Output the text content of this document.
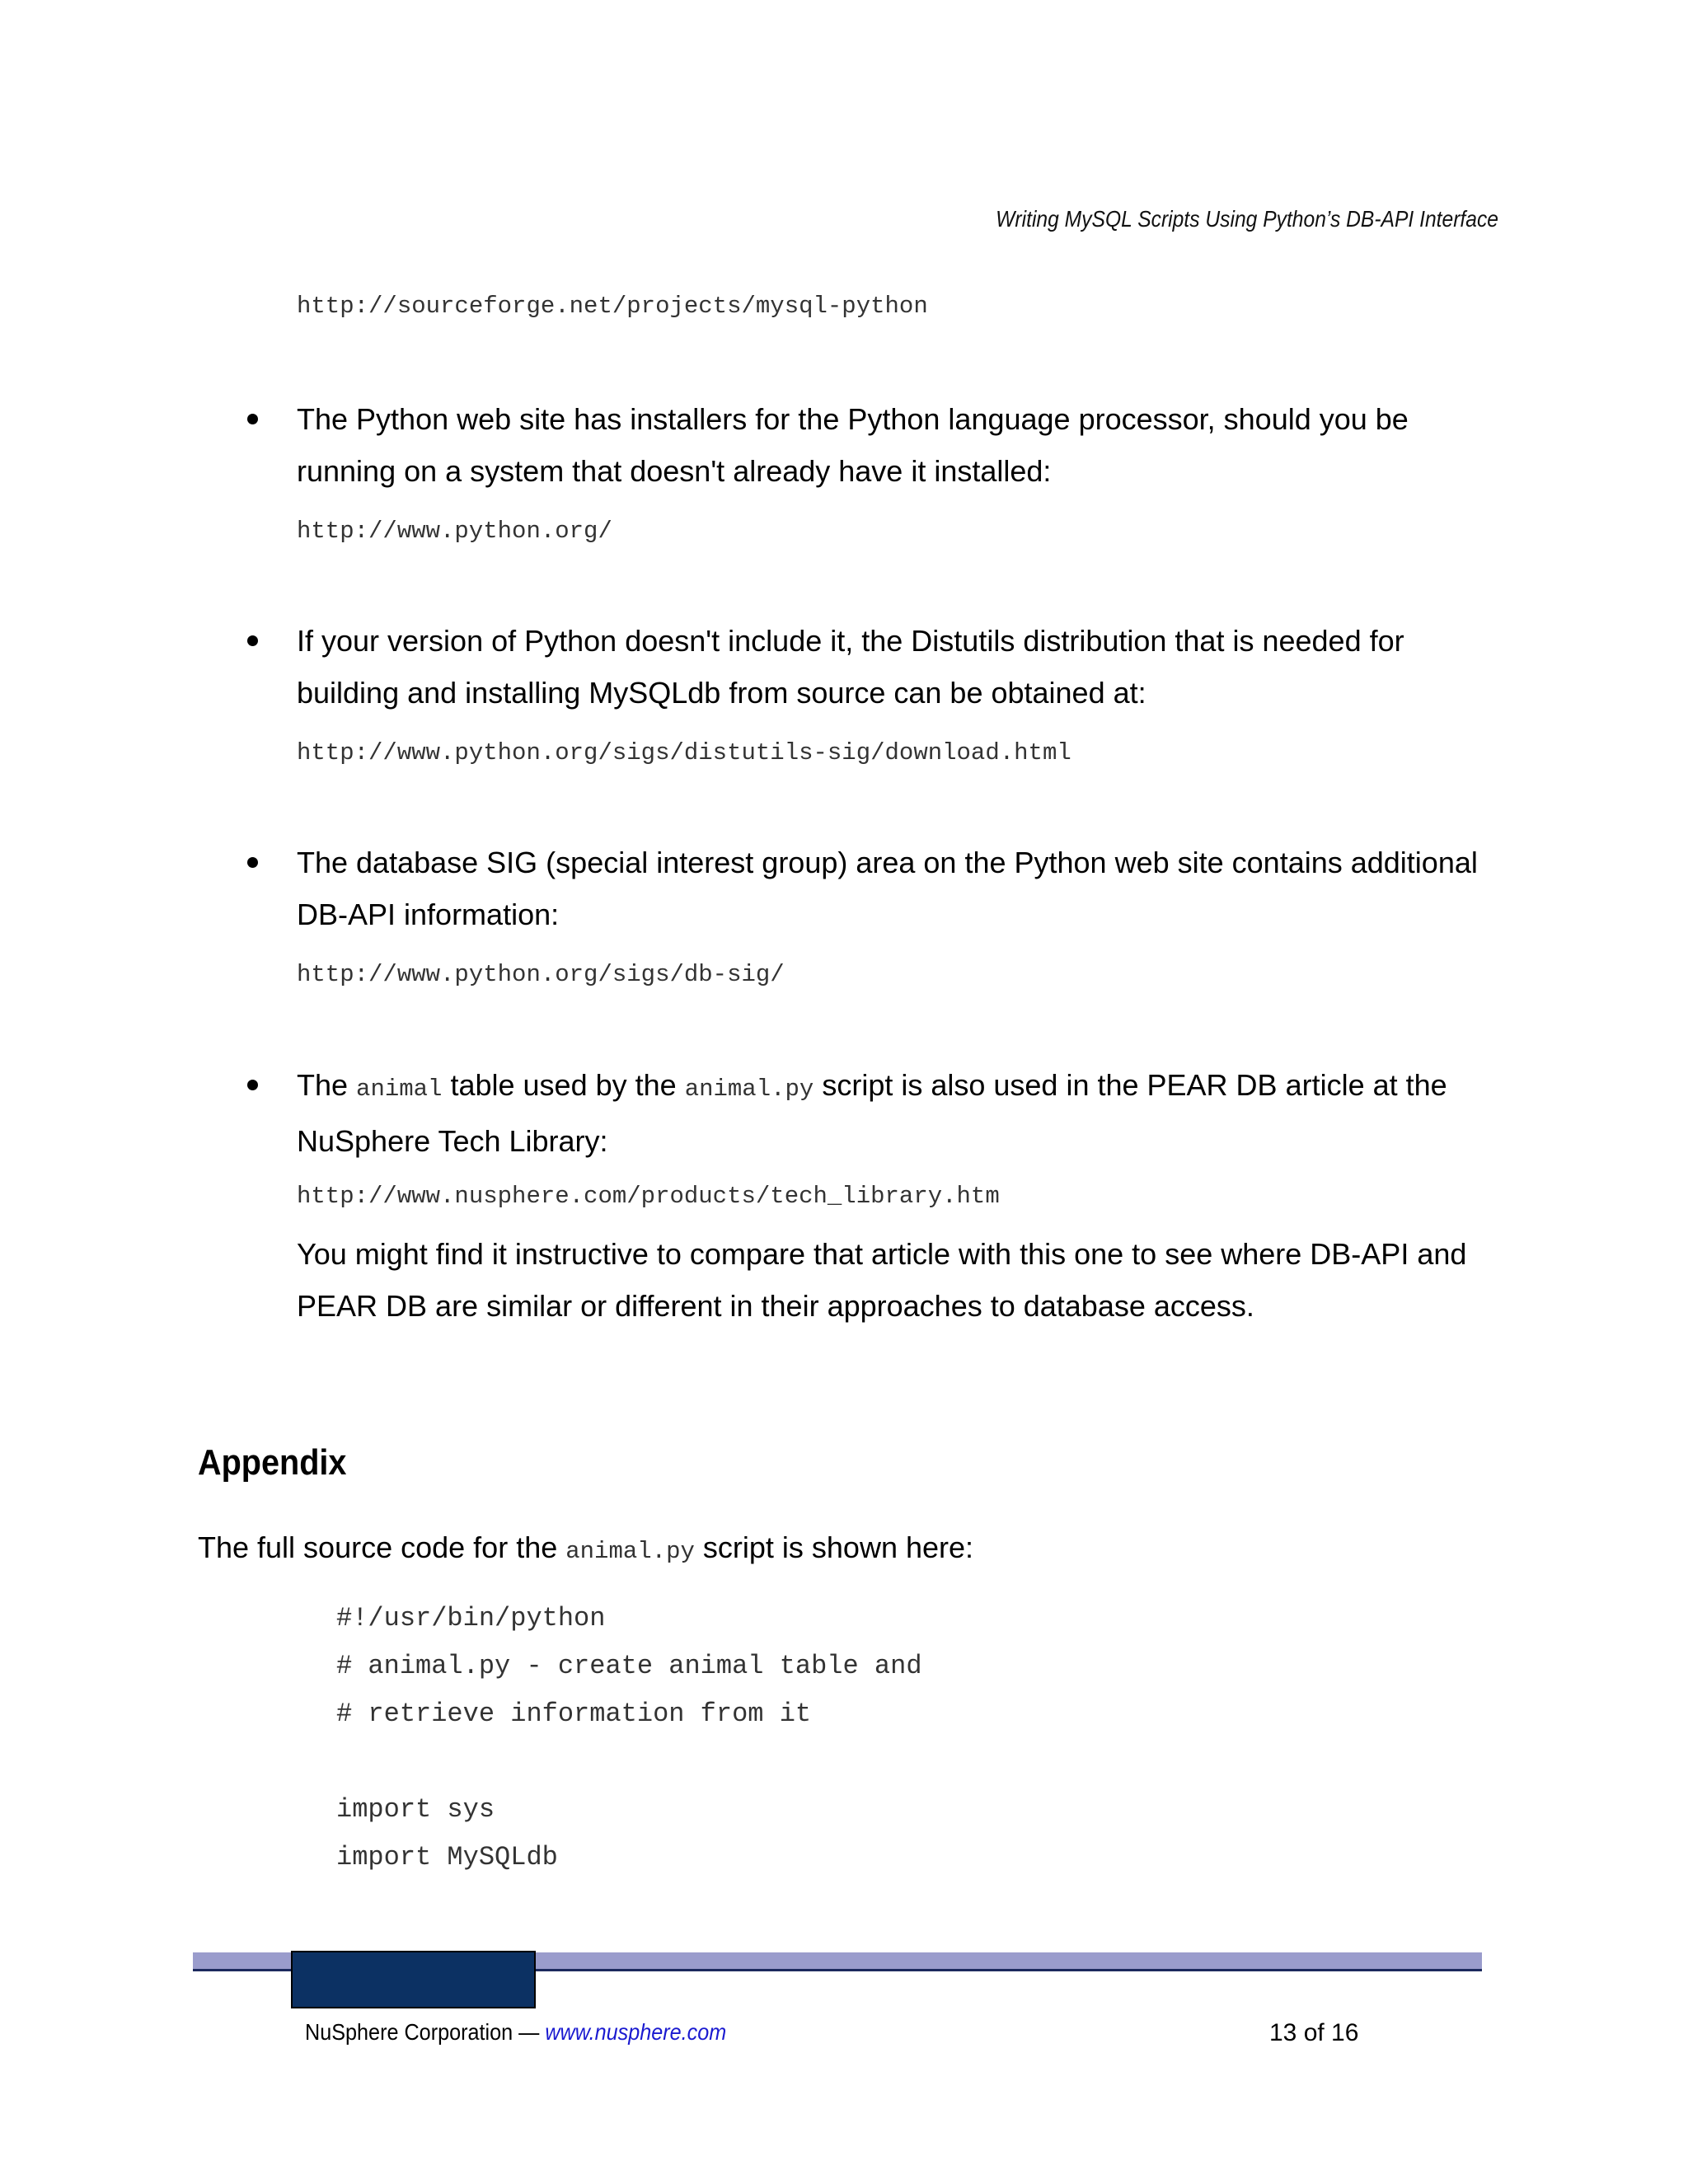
Writing MySQL Scripts Using Python’s DB-API Interface
http://sourceforge.net/projects/mysql-python
The Python web site has installers for the Python language processor, should you be running on a system that doesn't already have it installed:
http://www.python.org/
If your version of Python doesn't include it, the Distutils distribution that is needed for building and installing MySQLdb from source can be obtained at:
http://www.python.org/sigs/distutils-sig/download.html
The database SIG (special interest group) area on the Python web site contains additional DB-API information:
http://www.python.org/sigs/db-sig/
The animal table used by the animal.py script is also used in the PEAR DB article at the NuSphere Tech Library:
http://www.nusphere.com/products/tech_library.htm
You might find it instructive to compare that article with this one to see where DB-API and PEAR DB are similar or different in their approaches to database access.
Appendix
The full source code for the animal.py script is shown here:
#!/usr/bin/python
# animal.py - create animal table and
# retrieve information from it
import sys
import MySQLdb
NuSphere Corporation — www.nusphere.com	13 of 16
